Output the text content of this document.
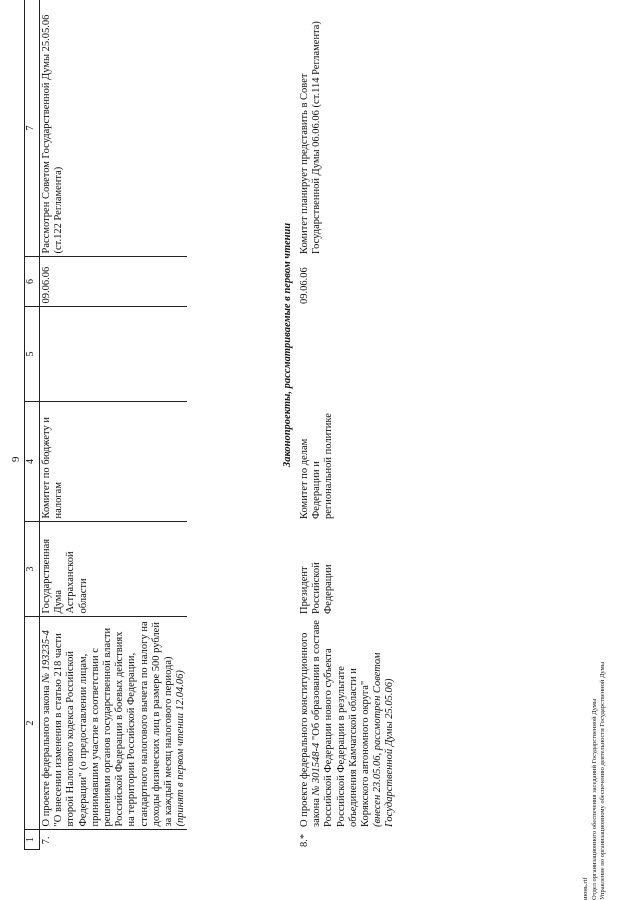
9
1	2	3	4	5	6	7
7.	О проекте федерального закона № 193235-4 "О внесении изменения в статью 218 части второй Налогового кодекса Российской Федерации" (о предоставлении лицам, принимавшим участие в соответствии с решениями органов государственной власти Российской Федерации в боевых действиях на территории Российской Федерации, стандартного налогового вычета по налогу на доходы физических лиц в размере 500 рублей за каждый месяц налогового периода)
(принят в первом чтении 12.04.06)	Государственная Дума Астраханской области	Комитет по бюджету и налогам		09.06.06	Рассмотрен Советом Государственной Думы 25.05.06 (ст.122 Регламента)
Законопроекты, рассматриваемые в первом чтении
8.*	О проекте федерального конституционного закона № 301548-4 "Об образовании в составе Российской Федерации нового субъекта Российской Федерации в результате объединения Камчатской области и Корякского автономного округа"
(внесен 23.05.06, рассмотрен Советом Государственной Думы 25.05.06)	Президент Российской Федерации	Комитет по делам Федерации и региональной политике		09.06.06	Комитет планирует представить в Совет Государственной Думы 06.06.06 (ст.114 Регламента)
июнь.rtf Отдел организационного обеспечения заседаний Государственной Думы Управление по организационному обеспечению деятельности Государственной Думы
